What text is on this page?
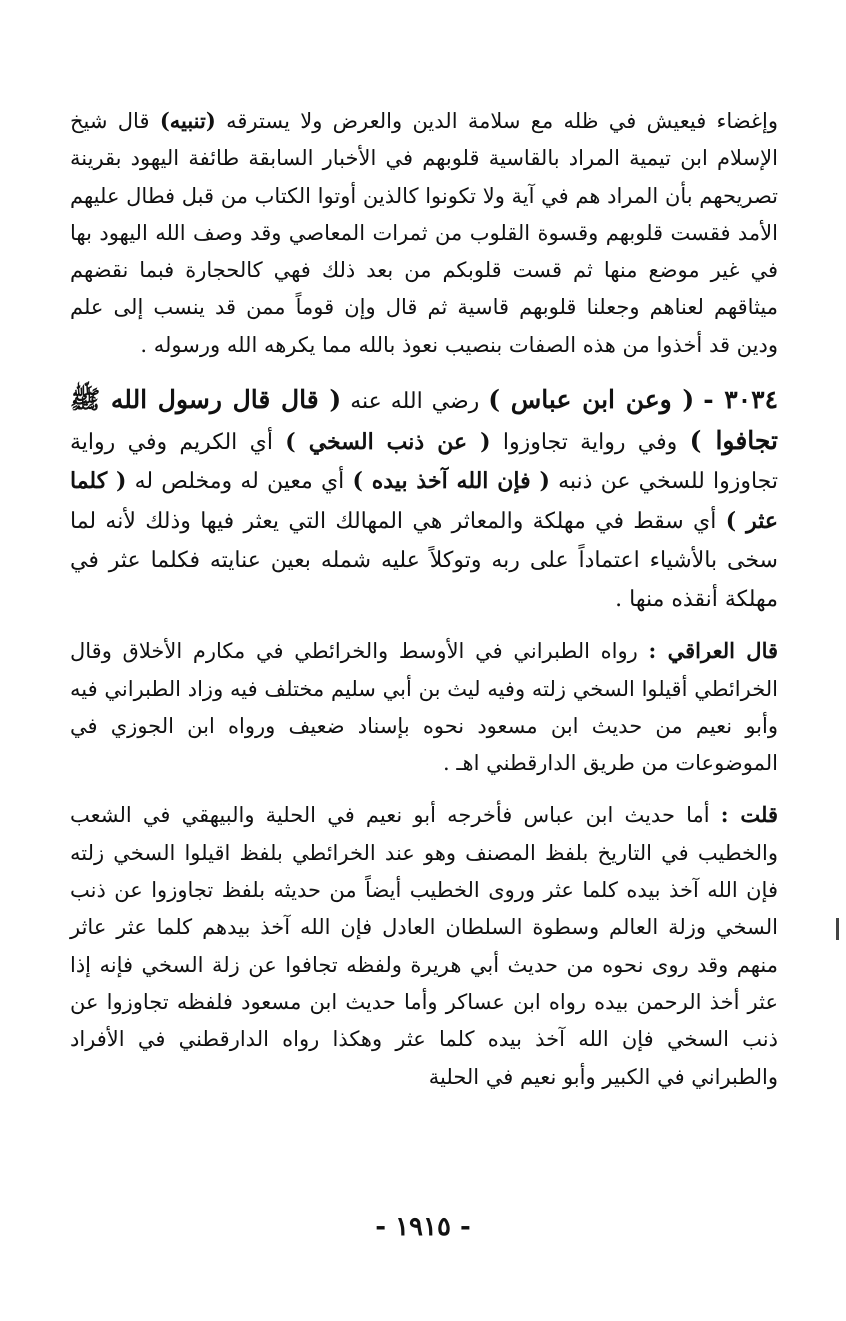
وإغضاء فيعيش في ظله مع سلامة الدين والعرض ولا يسترقه (تنبيه) قال شيخ الإسلام ابن تيمية المراد بالقاسية قلوبهم في الأخبار السابقة طائفة اليهود بقرينة تصريحهم بأن المراد هم في آية ولا تكونوا كالذين أوتوا الكتاب من قبل فطال عليهم الأمد فقست قلوبهم وقسوة القلوب من ثمرات المعاصي وقد وصف الله اليهود بها في غير موضع منها ثم قست قلوبكم من بعد ذلك فهي كالحجارة فبما نقضهم ميثاقهم لعناهم وجعلنا قلوبهم قاسية ثم قال وإن قوماً ممن قد ينسب إلى علم ودين قد أخذوا من هذه الصفات بنصيب نعوذ بالله مما يكرهه الله ورسوله .

٣٠٣٤ - ( وعن ابن عباس ) رضي الله عنه ( قال قال رسول الله ﷺ تجافوا ) وفي رواية تجاوزوا ( عن ذنب السخي ) أي الكريم وفي رواية تجاوزوا للسخي عن ذنبه ( فإن الله آخذ بيده ) أي معين له ومخلص له ( كلما عثر ) أي سقط في مهلكة والمعاثر هي المهالك التي يعثر فيها وذلك لأنه لما سخى بالأشياء اعتماداً على ربه وتوكلاً عليه شمله بعين عنايته فكلما عثر في مهلكة أنقذه منها .

قال العراقي : رواه الطبراني في الأوسط والخرائطي في مكارم الأخلاق وقال الخرائطي أقيلوا السخي زلته وفيه ليث بن أبي سليم مختلف فيه وزاد الطبراني فيه وأبو نعيم من حديث ابن مسعود نحوه بإسناد ضعيف ورواه ابن الجوزي في الموضوعات من طريق الدارقطني اهـ .

قلت : أما حديث ابن عباس فأخرجه أبو نعيم في الحلية والبيهقي في الشعب والخطيب في التاريخ بلفظ المصنف وهو عند الخرائطي بلفظ اقيلوا السخي زلته فإن الله آخذ بيده كلما عثر وروى الخطيب أيضاً من حديثه بلفظ تجاوزوا عن ذنب السخي وزلة العالم وسطوة السلطان العادل فإن الله آخذ بيدهم كلما عثر عاثر منهم وقد روى نحوه من حديث أبي هريرة ولفظه تجافوا عن زلة السخي فإنه إذا عثر أخذ الرحمن بيده رواه ابن عساكر وأما حديث ابن مسعود فلفظه تجاوزوا عن ذنب السخي فإن الله آخذ بيده كلما عثر وهكذا رواه الدارقطني في الأفراد والطبراني في الكبير وأبو نعيم في الحلية

- ١٩١٥ -
